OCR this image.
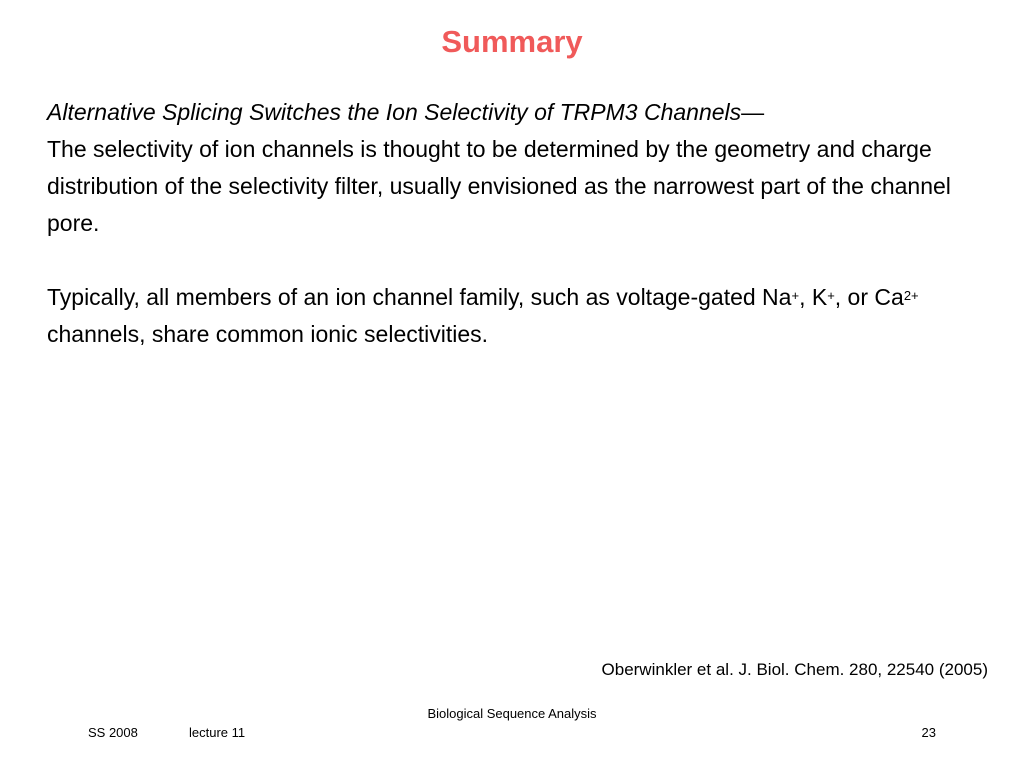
Summary

Alternative Splicing Switches the Ion Selectivity of TRPM3 Channels—

The selectivity of ion channels is thought to be determined by the geometry and charge distribution of the selectivity filter, usually envisioned as the narrowest part of the channel pore.

Typically, all members of an ion channel family, such as voltage-gated Na+, K+, or $Ca^{2+}$ channels, share common ionic selectivities.

Oberwinkler et al. J. Biol. Chem. 280, 22540 (2005)
Biological Sequence Analysis
SS 2008	lecture 11	23
